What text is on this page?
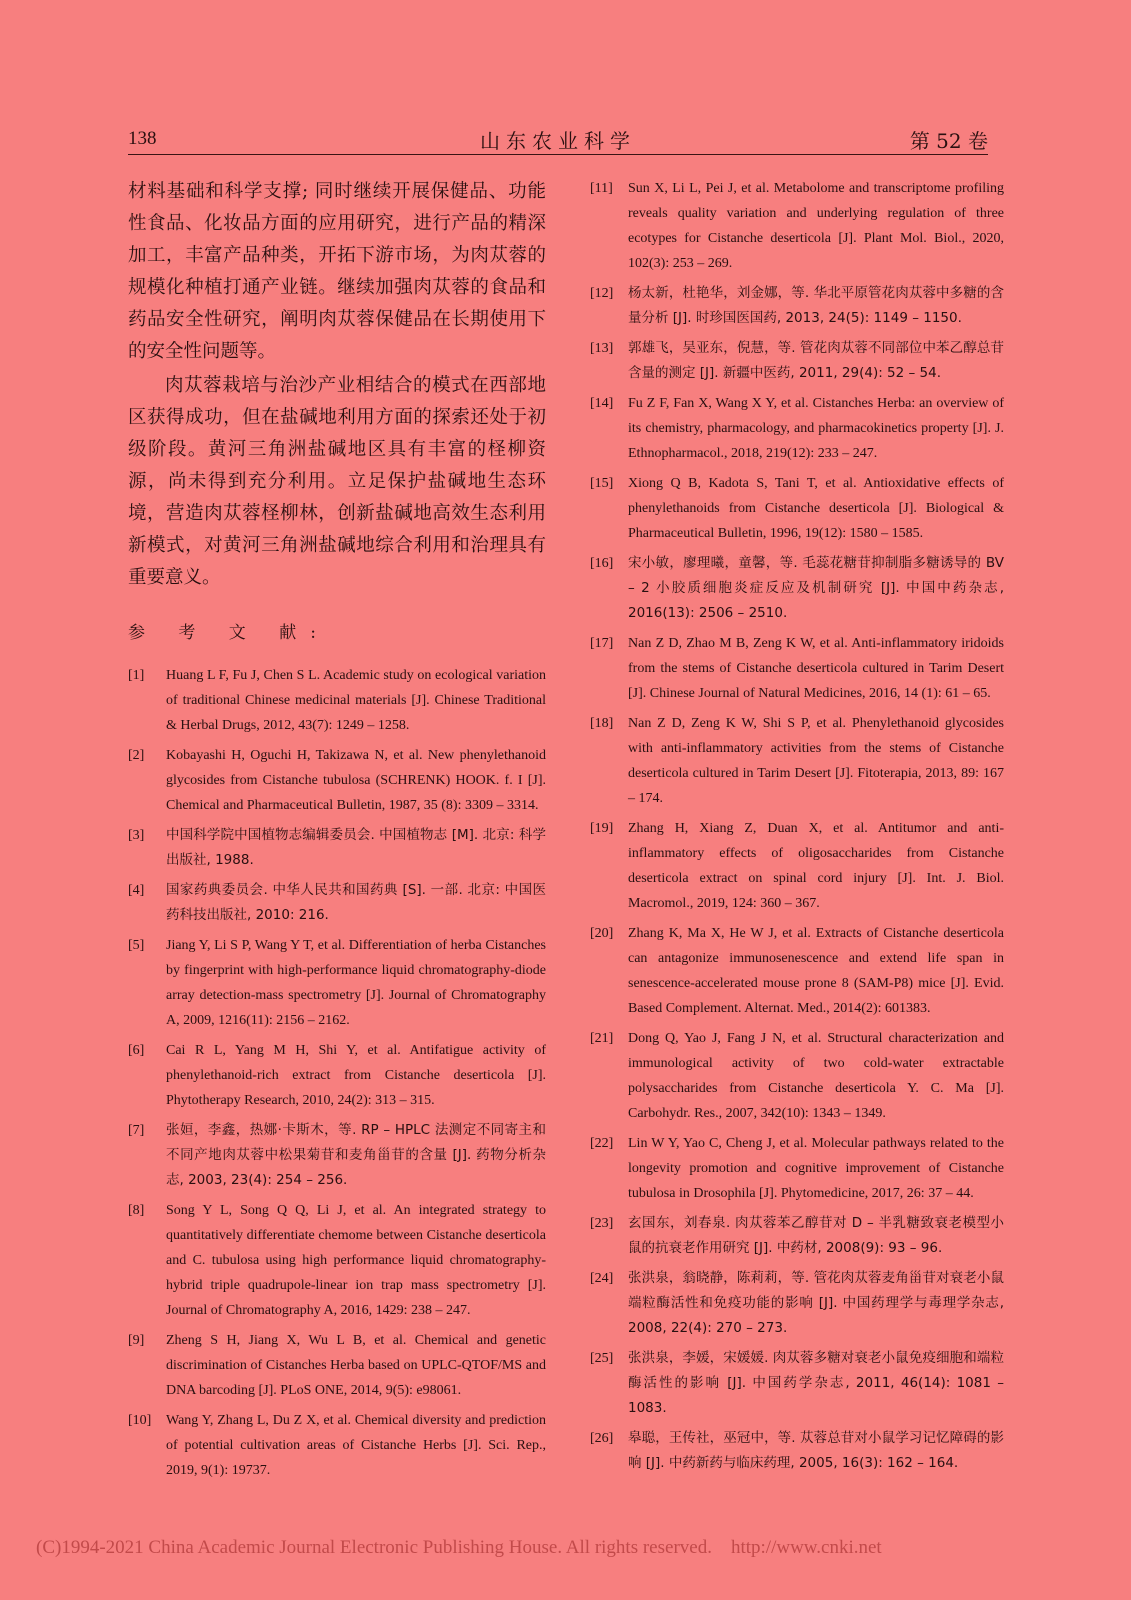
138	山东农业科学	第 52 卷

材料基础和科学支撑; 同时继续开展保健品、功能性食品、化妆品方面的应用研究，进行产品的精深加工，丰富产品种类，开拓下游市场，为肉苁蓉的规模化种植打通产业链。继续加强肉苁蓉的食品和药品安全性研究，阐明肉苁蓉保健品在长期使用下的安全性问题等。

肉苁蓉栽培与治沙产业相结合的模式在西部地区获得成功，但在盐碱地利用方面的探索还处于初级阶段。黄河三角洲盐碱地区具有丰富的柽柳资源，尚未得到充分利用。立足保护盐碱地生态环境，营造肉苁蓉柽柳林，创新盐碱地高效生态利用新模式，对黄河三角洲盐碱地综合利用和治理具有重要意义。

参 考 文 献:
[1] Huang L F, Fu J, Chen S L. Academic study on ecological variation of traditional Chinese medicinal materials [J]. Chinese Traditional & Herbal Drugs, 2012, 43(7): 1249 – 1258.
[2] Kobayashi H, Oguchi H, Takizawa N, et al. New phenylethanoid glycosides from Cistanche tubulosa (SCHRENK) HOOK. f. I [J]. Chemical and Pharmaceutical Bulletin, 1987, 35 (8): 3309 – 3314.
[3] 中国科学院中国植物志编辑委员会. 中国植物志 [M]. 北京: 科学出版社, 1988.
[4] 国家药典委员会. 中华人民共和国药典 [S]. 一部. 北京: 中国医药科技出版社, 2010: 216.
[5] Jiang Y, Li S P, Wang Y T, et al. Differentiation of herba Cistanches by fingerprint with high-performance liquid chromatography-diode array detection-mass spectrometry [J]. Journal of Chromatography A, 2009, 1216(11): 2156 – 2162.
[6] Cai R L, Yang M H, Shi Y, et al. Antifatigue activity of phenylethanoid-rich extract from Cistanche deserticola [J]. Phytotherapy Research, 2010, 24(2): 313 – 315.
[7] 张姮，李鑫，热娜·卡斯木，等. RP – HPLC 法测定不同寄主和不同产地肉苁蓉中松果菊苷和麦角甾苷的含量 [J]. 药物分析杂志, 2003, 23(4): 254 – 256.
[8] Song Y L, Song Q Q, Li J, et al. An integrated strategy to quantitatively differentiate chemome between Cistanche deserticola and C. tubulosa using high performance liquid chromatography-hybrid triple quadrupole-linear ion trap mass spectrometry [J]. Journal of Chromatography A, 2016, 1429: 238 – 247.
[9] Zheng S H, Jiang X, Wu L B, et al. Chemical and genetic discrimination of Cistanches Herba based on UPLC-QTOF/MS and DNA barcoding [J]. PLoS ONE, 2014, 9(5): e98061.
[10] Wang Y, Zhang L, Du Z X, et al. Chemical diversity and prediction of potential cultivation areas of Cistanche Herbs [J]. Sci. Rep., 2019, 9(1): 19737.
[11] Sun X, Li L, Pei J, et al. Metabolome and transcriptome profiling reveals quality variation and underlying regulation of three ecotypes for Cistanche deserticola [J]. Plant Mol. Biol., 2020, 102(3): 253 – 269.
[12] 杨太新，杜艳华，刘金娜，等. 华北平原管花肉苁蓉中多糖的含量分析 [J]. 时珍国医国药, 2013, 24(5): 1149 – 1150.
[13] 郭雄飞，吴亚东，倪慧，等. 管花肉苁蓉不同部位中苯乙醇总苷含量的测定 [J]. 新疆中医药, 2011, 29(4): 52 – 54.
[14] Fu Z F, Fan X, Wang X Y, et al. Cistanches Herba: an overview of its chemistry, pharmacology, and pharmacokinetics property [J]. J. Ethnopharmacol., 2018, 219(12): 233 – 247.
[15] Xiong Q B, Kadota S, Tani T, et al. Antioxidative effects of phenylethanoids from Cistanche deserticola [J]. Biological & Pharmaceutical Bulletin, 1996, 19(12): 1580 – 1585.
[16] 宋小敏，廖理曦，童馨，等. 毛蕊花糖苷抑制脂多糖诱导的 BV – 2 小胶质细胞炎症反应及机制研究 [J]. 中国中药杂志, 2016(13): 2506 – 2510.
[17] Nan Z D, Zhao M B, Zeng K W, et al. Anti-inflammatory iridoids from the stems of Cistanche deserticola cultured in Tarim Desert [J]. Chinese Journal of Natural Medicines, 2016, 14 (1): 61 – 65.
[18] Nan Z D, Zeng K W, Shi S P, et al. Phenylethanoid glycosides with anti-inflammatory activities from the stems of Cistanche deserticola cultured in Tarim Desert [J]. Fitoterapia, 2013, 89: 167 – 174.
[19] Zhang H, Xiang Z, Duan X, et al. Antitumor and anti-inflammatory effects of oligosaccharides from Cistanche deserticola extract on spinal cord injury [J]. Int. J. Biol. Macromol., 2019, 124: 360 – 367.
[20] Zhang K, Ma X, He W J, et al. Extracts of Cistanche deserticola can antagonize immunosenescence and extend life span in senescence-accelerated mouse prone 8 (SAM-P8) mice [J]. Evid. Based Complement. Alternat. Med., 2014(2): 601383.
[21] Dong Q, Yao J, Fang J N, et al. Structural characterization and immunological activity of two cold-water extractable polysaccharides from Cistanche deserticola Y. C. Ma [J]. Carbohydr. Res., 2007, 342(10): 1343 – 1349.
[22] Lin W Y, Yao C, Cheng J, et al. Molecular pathways related to the longevity promotion and cognitive improvement of Cistanche tubulosa in Drosophila [J]. Phytomedicine, 2017, 26: 37 – 44.
[23] 玄国东，刘春泉. 肉苁蓉苯乙醇苷对 D – 半乳糖致衰老模型小鼠的抗衰老作用研究 [J]. 中药材, 2008(9): 93 – 96.
[24] 张洪泉，翁晓静，陈莉莉，等. 管花肉苁蓉麦角甾苷对衰老小鼠端粒酶活性和免疫功能的影响 [J]. 中国药理学与毒理学杂志, 2008, 22(4): 270 – 273.
[25] 张洪泉，李媛，宋媛媛. 肉苁蓉多糖对衰老小鼠免疫细胞和端粒酶活性的影响 [J]. 中国药学杂志, 2011, 46(14): 1081 – 1083.
[26] 皋聪，王传社，巫冠中，等. 苁蓉总苷对小鼠学习记忆障碍的影响 [J]. 中药新药与临床药理, 2005, 16(3): 162 – 164.
(C)1994-2021 China Academic Journal Electronic Publishing House. All rights reserved.    http://www.cnki.net
